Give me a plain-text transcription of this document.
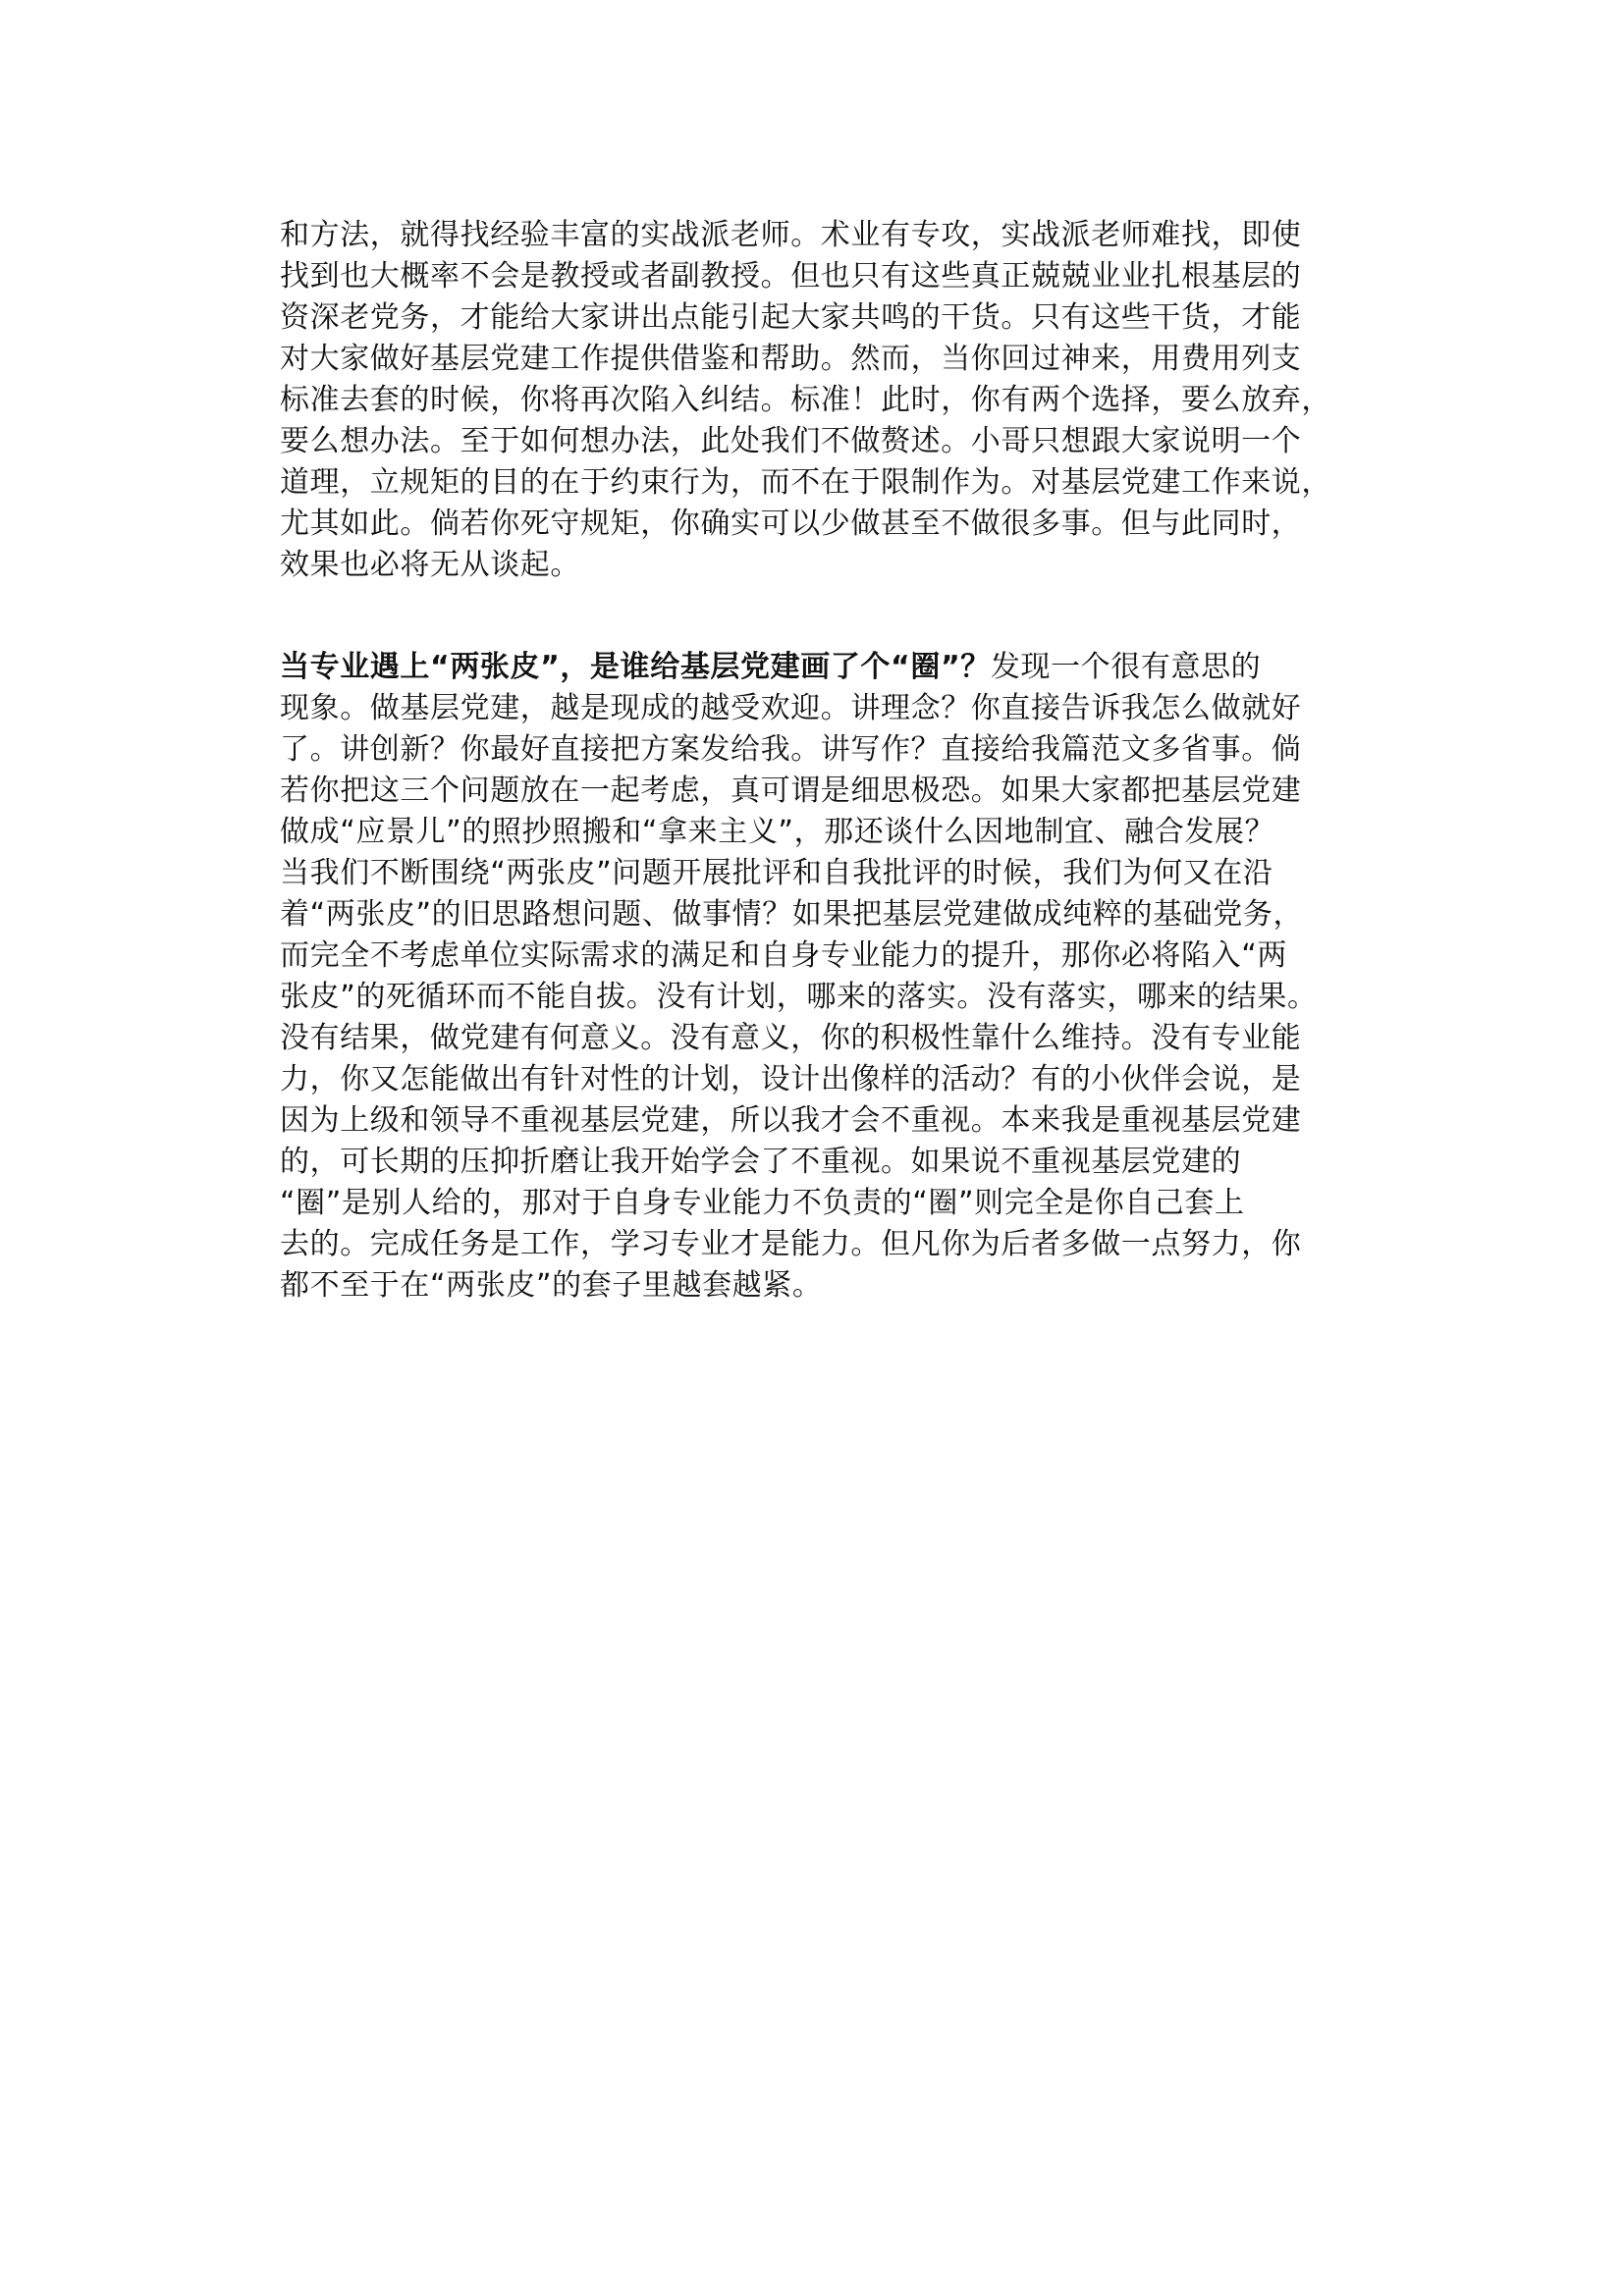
和方法，就得找经验丰富的实战派老师。术业有专攻，实战派老师难找，即使
找到也大概率不会是教授或者副教授。但也只有这些真正兢兢业业扎根基层的
资深老党务，才能给大家讲出点能引起大家共鸣的干货。只有这些干货，才能
对大家做好基层党建工作提供借鉴和帮助。然而，当你回过神来，用费用列支
标准去套的时候，你将再次陷入纠结。标准！此时，你有两个选择，要么放弃，
要么想办法。至于如何想办法，此处我们不做赘述。小哥只想跟大家说明一个
道理，立规矩的目的在于约束行为，而不在于限制作为。对基层党建工作来说，
尤其如此。倘若你死守规矩，你确实可以少做甚至不做很多事。但与此同时，
效果也必将无从谈起。
当专业遇上“两张皮”，是谁给基层党建画了个“圈”？发现一个很有意思的
现象。做基层党建，越是现成的越受欢迎。讲理念？你直接告诉我怎么做就好
了。讲创新？你最好直接把方案发给我。讲写作？直接给我篇范文多省事。倘
若你把这三个问题放在一起考虑，真可谓是细思极恐。如果大家都把基层党建
做成“应景儿”的照抄照搬和“拿来主义”，那还谈什么因地制宜、融合发展？
当我们不断围绕“两张皮”问题开展批评和自我批评的时候，我们为何又在沿
着“两张皮”的旧思路想问题、做事情？如果把基层党建做成纯粹的基础党务，
而完全不考虑单位实际需求的满足和自身专业能力的提升，那你必将陷入“两
张皮”的死循环而不能自拔。没有计划，哪来的落实。没有落实，哪来的结果。
没有结果，做党建有何意义。没有意义，你的积极性靠什么维持。没有专业能
力，你又怎能做出有针对性的计划，设计出像样的活动？有的小伙伴会说，是
因为上级和领导不重视基层党建，所以我才会不重视。本来我是重视基层党建
的，可长期的压抑折磨让我开始学会了不重视。如果说不重视基层党建的
“圈”是别人给的，那对于自身专业能力不负责的“圈”则完全是你自己套上
去的。完成任务是工作，学习专业才是能力。但凡你为后者多做一点努力，你
都不至于在“两张皮”的套子里越套越紧。
